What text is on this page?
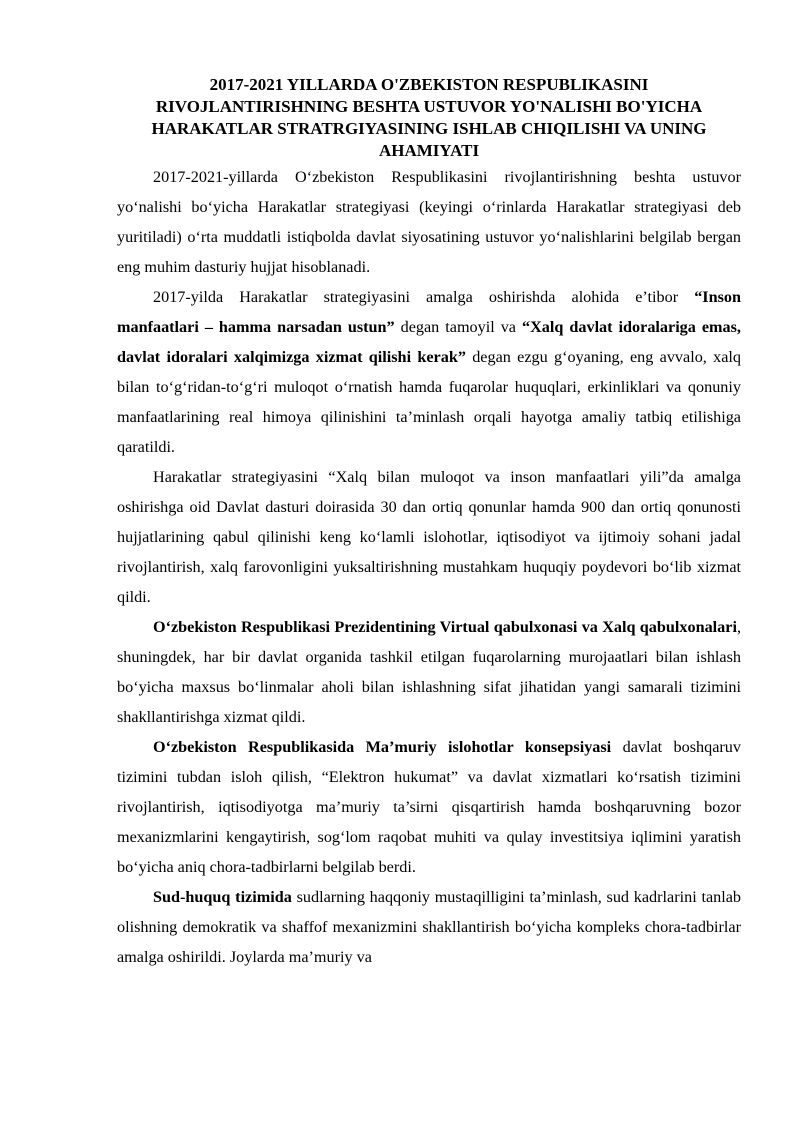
2017-2021 YILLARDA O'ZBEKISTON RESPUBLIKASINI RIVOJLANTIRISHNING BESHTA USTUVOR YO'NALISHI BO'YICHA HARAKATLAR STRATRGIYASINING ISHLAB CHIQILISHI VA UNING AHAMIYATI

2017-2021-yillarda O‘zbekiston Respublikasini rivojlantirishning beshta ustuvor yo‘nalishi bo‘yicha Harakatlar strategiyasi (keyingi o‘rinlarda Harakatlar strategiyasi deb yuritiladi) o‘rta muddatli istiqbolda davlat siyosatining ustuvor yo‘nalishlarini belgilab bergan eng muhim dasturiy hujjat hisoblanadi.

2017-yilda Harakatlar strategiyasini amalga oshirishda alohida e’tibor “Inson manfaatlari – hamma narsadan ustun” degan tamoyil va “Xalq davlat idoralariga emas, davlat idoralari xalqimizga xizmat qilishi kerak” degan ezgu g‘oyaning, eng avvalo, xalq bilan to‘g‘ridan-to‘g‘ri muloqot o‘rnatish hamda fuqarolar huquqlari, erkinliklari va qonuniy manfaatlarining real himoya qilinishini ta’minlash orqali hayotga amaliy tatbiq etilishiga qaratildi.

Harakatlar strategiyasini “Xalq bilan muloqot va inson manfaatlari yili”da amalga oshirishga oid Davlat dasturi doirasida 30 dan ortiq qonunlar hamda 900 dan ortiq qonunosti hujjatlarining qabul qilinishi keng ko‘lamli islohotlar, iqtisodiyot va ijtimoiy sohani jadal rivojlantirish, xalq farovonligini yuksaltirishning mustahkam huquqiy poydevori bo‘lib xizmat qildi.

O‘zbekiston Respublikasi Prezidentining Virtual qabulxonasi va Xalq qabulxonalari, shuningdek, har bir davlat organida tashkil etilgan fuqarolarning murojaatlari bilan ishlash bo‘yicha maxsus bo‘linmalar aholi bilan ishlashning sifat jihatidan yangi samarali tizimini shakllantirishga xizmat qildi.

O‘zbekiston Respublikasida Ma’muriy islohotlar konsepsiyasi davlat boshqaruv tizimini tubdan isloh qilish, “Elektron hukumat” va davlat xizmatlari ko‘rsatish tizimini rivojlantirish, iqtisodiyotga ma’muriy ta’sirni qisqartirish hamda boshqaruvning bozor mexanizmlarini kengaytirish, sog‘lom raqobat muhiti va qulay investitsiya iqlimini yaratish bo‘yicha aniq chora-tadbirlarni belgilab berdi.

Sud-huquq tizimida sudlarning haqqoniy mustaqilligini ta’minlash, sud kadrlarini tanlab olishning demokratik va shaffof mexanizmini shakllantirish bo‘yicha kompleks chora-tadbirlar amalga oshirildi. Joylarda ma’muriy va
